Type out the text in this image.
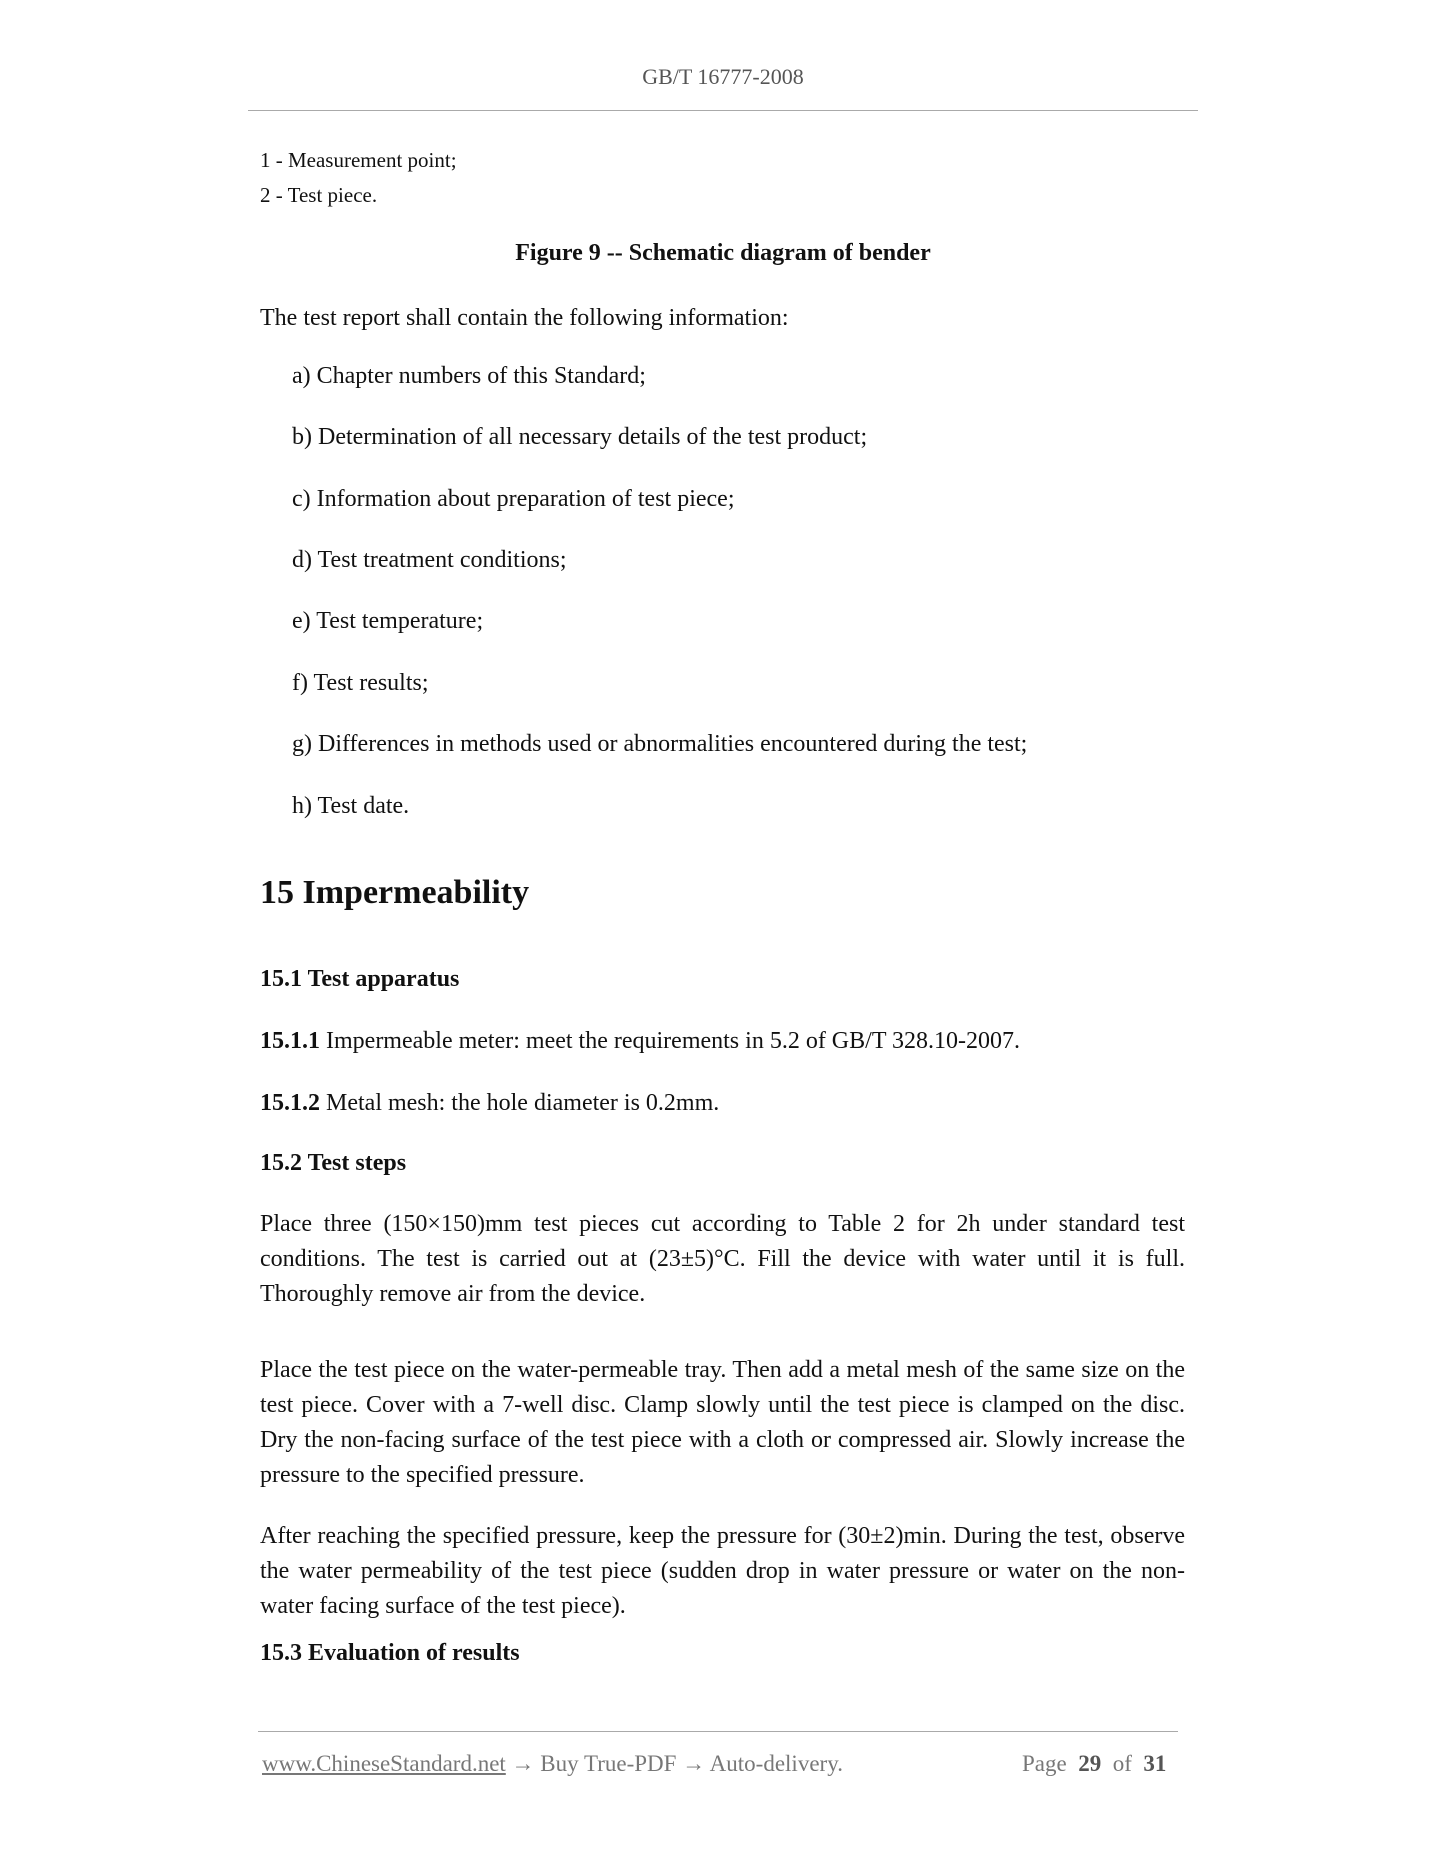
GB/T 16777-2008
1 - Measurement point;
2 - Test piece.
Figure 9 -- Schematic diagram of bender
The test report shall contain the following information:
a) Chapter numbers of this Standard;
b) Determination of all necessary details of the test product;
c) Information about preparation of test piece;
d) Test treatment conditions;
e) Test temperature;
f) Test results;
g) Differences in methods used or abnormalities encountered during the test;
h) Test date.
15 Impermeability
15.1 Test apparatus
15.1.1 Impermeable meter: meet the requirements in 5.2 of GB/T 328.10-2007.
15.1.2 Metal mesh: the hole diameter is 0.2mm.
15.2 Test steps
Place three (150×150)mm test pieces cut according to Table 2 for 2h under standard test conditions. The test is carried out at (23±5)°C. Fill the device with water until it is full. Thoroughly remove air from the device.
Place the test piece on the water-permeable tray. Then add a metal mesh of the same size on the test piece. Cover with a 7-well disc. Clamp slowly until the test piece is clamped on the disc. Dry the non-facing surface of the test piece with a cloth or compressed air. Slowly increase the pressure to the specified pressure.
After reaching the specified pressure, keep the pressure for (30±2)min. During the test, observe the water permeability of the test piece (sudden drop in water pressure or water on the non-water facing surface of the test piece).
15.3 Evaluation of results
www.ChineseStandard.net → Buy True-PDF → Auto-delivery.	Page 29 of 31
